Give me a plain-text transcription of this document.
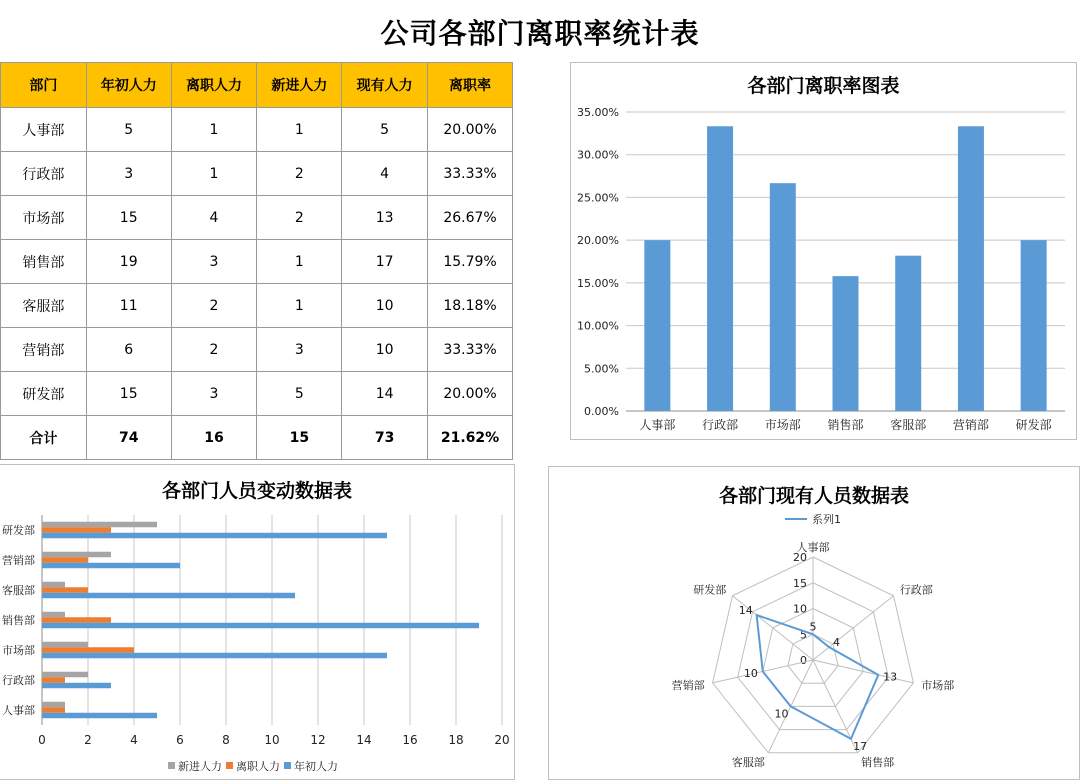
公司各部门离职率统计表
部门	年初人力	离职人力	新进人力	现有人力	离职率
人事部	5	1	1	5	20.00%
行政部	3	1	2	4	33.33%
市场部	15	4	2	13	26.67%
销售部	19	3	1	17	15.79%
客服部	11	2	1	10	18.18%
营销部	6	2	3	10	33.33%
研发部	15	3	5	14	20.00%
合计	74	16	15	73	21.62%
各部门离职率图表
0.00%
5.00%
10.00%
15.00%
20.00%
25.00%
30.00%
35.00%
人事部 行政部 市场部 销售部 客服部 营销部 研发部
各部门人员变动数据表
0	2	4	6	8	10	12	14	16	18	20
人事部
行政部
市场部
销售部
客服部
营销部
研发部
新进人力 离职人力 年初人力
各部门现有人员数据表
0
5
10
15
20
人事部
行政部
市场部
销售部
客服部
营销部
研发部
5
4
13
17
10
10
14
系列1
